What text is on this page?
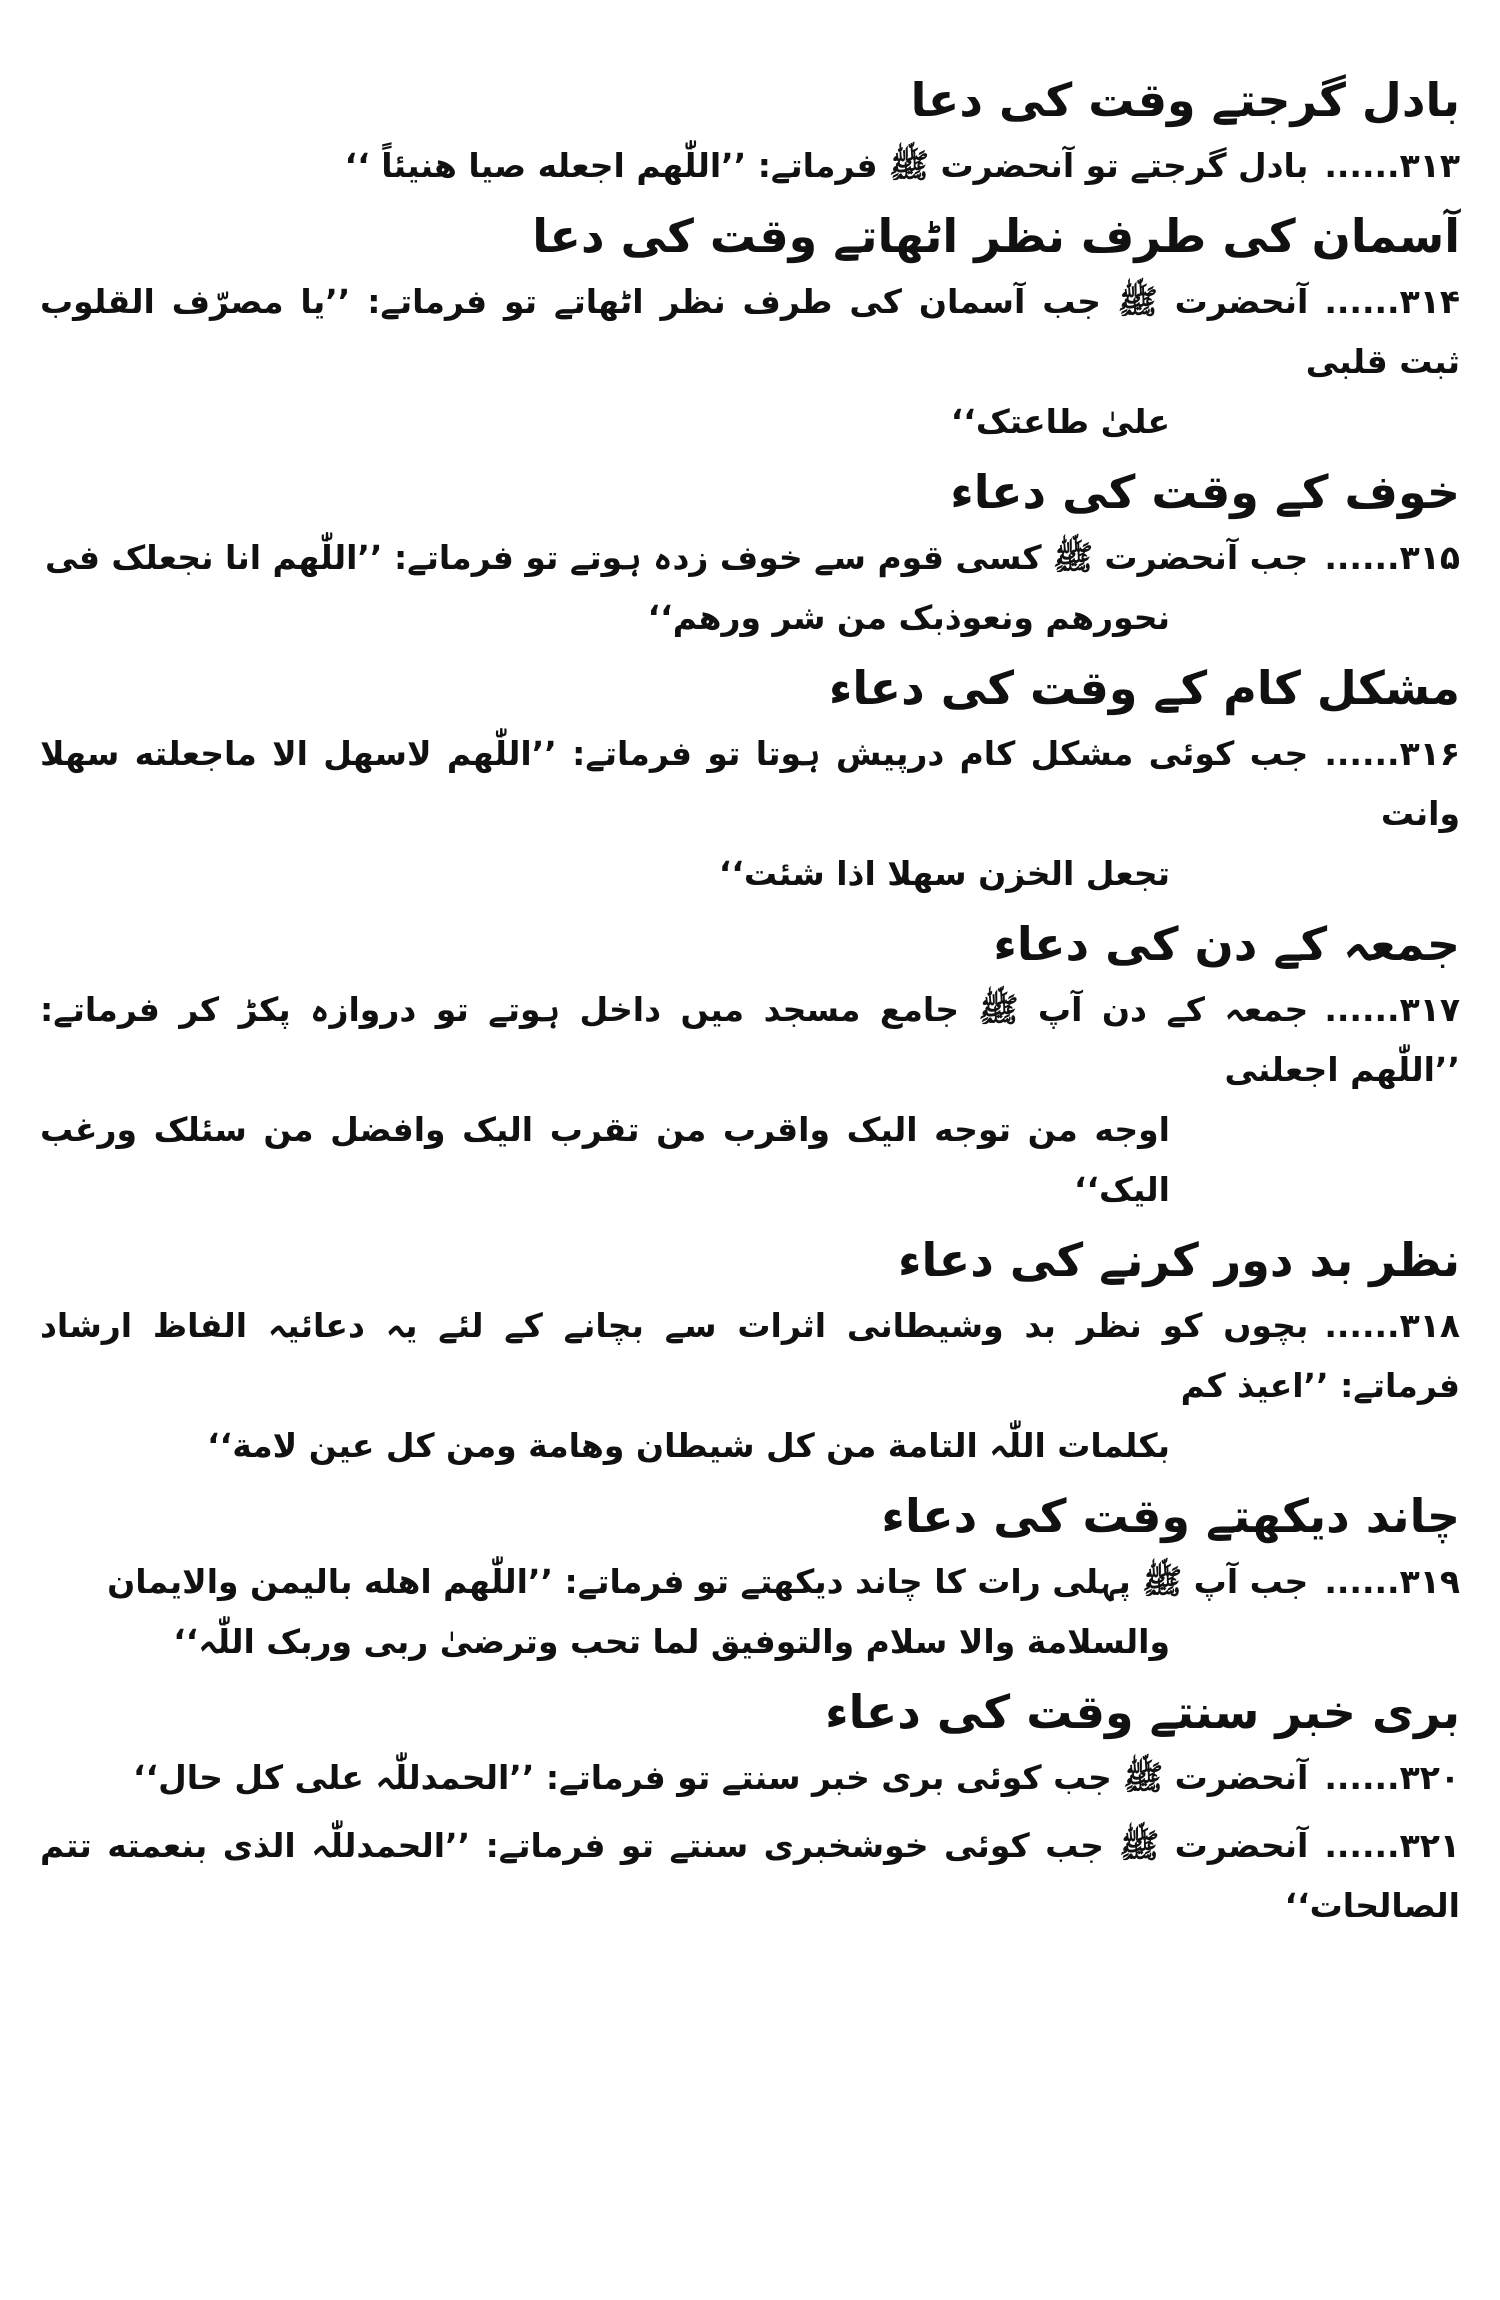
بادل گرجتے وقت کی دعا
۳۱۳......بادل گرجتے تو آنحضرت ﷺ فرماتے: ’’اللّٰھم اجعله صیا ھنیئاً ‘‘
آسمان کی طرف نظر اٹھاتے وقت کی دعا
۳۱۴......آنحضرت ﷺ جب آسمان کی طرف نظر اٹھاتے تو فرماتے: ’’یا مصرّف القلوب ثبت قلبی
علیٰ طاعتک‘‘
خوف کے وقت کی دعاء
۳۱۵......جب آنحضرت ﷺ کسی قوم سے خوف زدہ ہوتے تو فرماتے: ’’اللّٰھم انا نجعلک فی
نحورھم ونعوذبک من شر ورھم‘‘
مشکل کام کے وقت کی دعاء
۳۱۶......جب کوئی مشکل کام درپیش ہوتا تو فرماتے: ’’اللّٰھم لاسھل الا ماجعلته سھلا وانت
تجعل الخزن سھلا اذا شئت‘‘
جمعہ کے دن کی دعاء
۳۱۷......جمعہ کے دن آپ ﷺ جامع مسجد میں داخل ہوتے تو دروازہ پکڑ کر فرماتے: ’’اللّٰھم اجعلنی
اوجه من توجه الیک واقرب من تقرب الیک وافضل من سئلک ورغب الیک‘‘
نظر بد دور کرنے کی دعاء
۳۱۸......بچوں کو نظر بد وشیطانی اثرات سے بچانے کے لئے یہ دعائیہ الفاظ ارشاد فرماتے: ’’اعیذ کم
بکلمات اللّٰہ التامة من کل شیطان وھامة ومن کل عین لامة‘‘
چاند دیکھتے وقت کی دعاء
۳۱۹......جب آپ ﷺ پہلی رات کا چاند دیکھتے تو فرماتے: ’’اللّٰھم اھله بالیمن والایمان
والسلامة والا سلام والتوفیق لما تحب وترضیٰ ربی وربک اللّٰہ‘‘
بری خبر سنتے وقت کی دعاء
۳۲۰......آنحضرت ﷺ جب کوئی بری خبر سنتے تو فرماتے: ’’الحمدللّٰہ علی کل حال‘‘
۳۲۱......آنحضرت ﷺ جب کوئی خوشخبری سنتے تو فرماتے: ’’الحمدللّٰہ الذی بنعمته تتم الصالحات‘‘
